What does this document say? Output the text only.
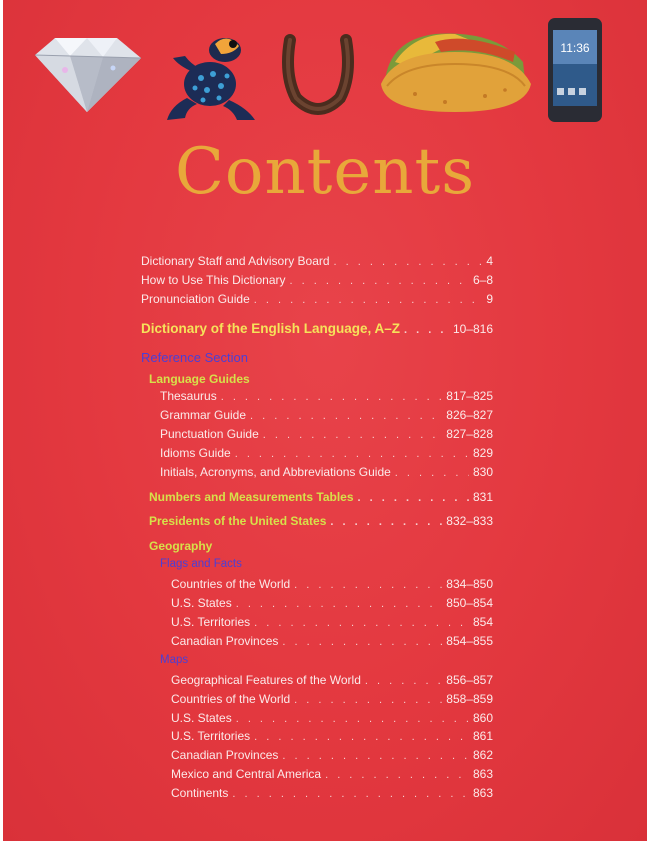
11:36
Contents
Dictionary Staff and Advisory Board . . .	4
How to Use This Dictionary . . .	6–8
Pronunciation Guide . . .	9
Dictionary of the English Language, A–Z . . .	10–816
Reference Section
Language Guides
Thesaurus . . .	817–825
Grammar Guide . . .	826–827
Punctuation Guide . . .	827–828
Idioms Guide . . .	829
Initials, Acronyms, and Abbreviations Guide . . .	830
Numbers and Measurements Tables . . .	831
Presidents of the United States . . .	832–833
Geography
Flags and Facts
Countries of the World . . .	834–850
U.S. States . . .	850–854
U.S. Territories . . .	854
Canadian Provinces . . .	854–855
Maps
Geographical Features of the World . . .	856–857
Countries of the World . . .	858–859
U.S. States . . .	860
U.S. Territories . . .	861
Canadian Provinces . . .	862
Mexico and Central America . . .	863
Continents . . .	863
